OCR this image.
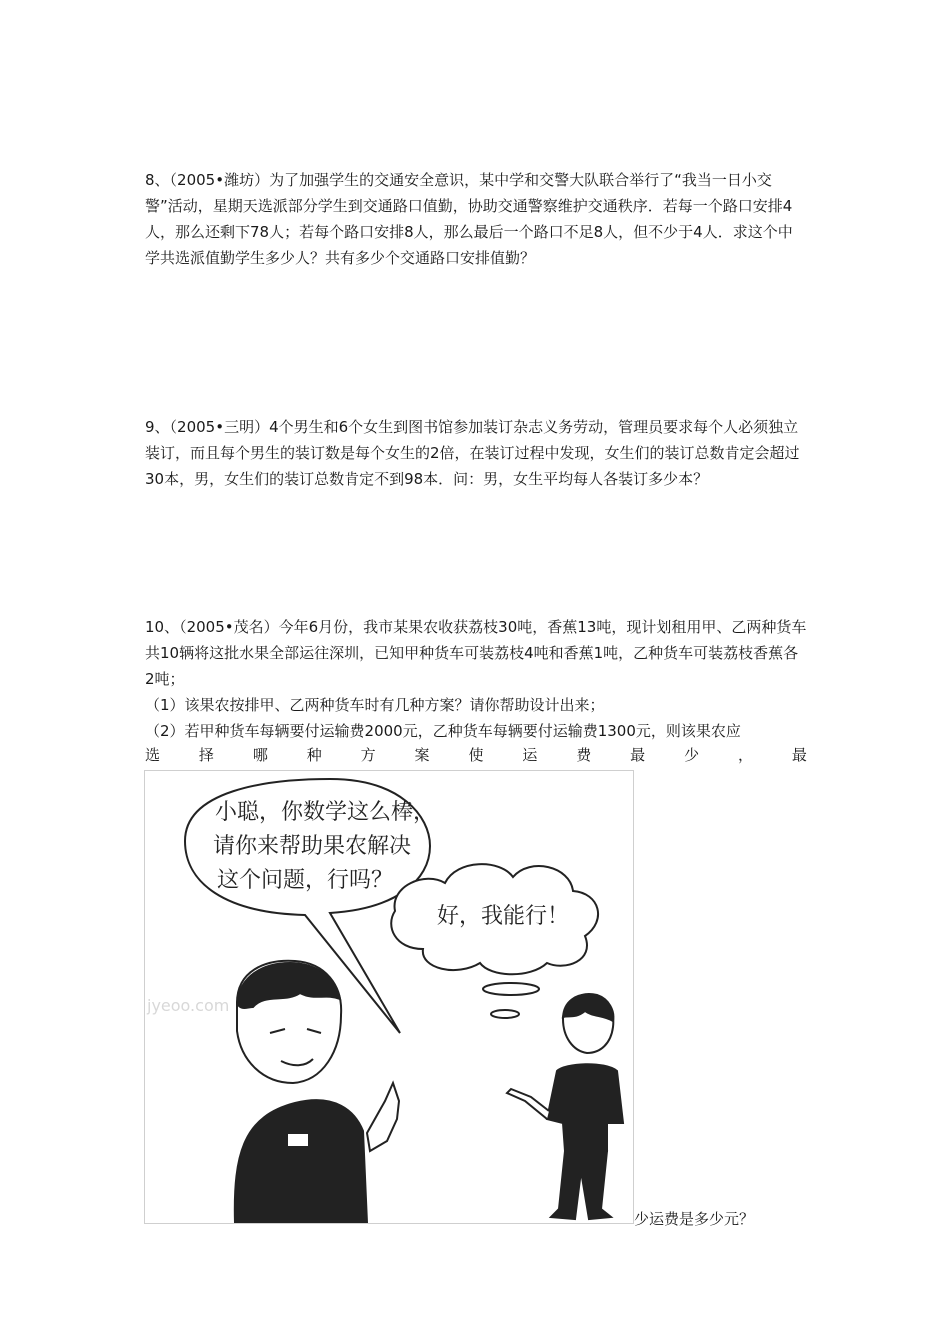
8、（2005•潍坊）为了加强学生的交通安全意识，某中学和交警大队联合举行了“我当一日小交警”活动，星期天选派部分学生到交通路口值勤，协助交通警察维护交通秩序．若每一个路口安排4人，那么还剩下78人；若每个路口安排8人，那么最后一个路口不足8人，但不少于4人．求这个中学共选派值勤学生多少人？共有多少个交通路口安排值勤？

9、（2005•三明）4个男生和6个女生到图书馆参加装订杂志义务劳动，管理员要求每个人必须独立装订，而且每个男生的装订数是每个女生的2倍，在装订过程中发现，女生们的装订总数肯定会超过30本，男，女生们的装订总数肯定不到98本．问：男，女生平均每人各装订多少本？

10、（2005•茂名）今年6月份，我市某果农收获荔枝30吨，香蕉13吨，现计划租用甲、乙两种货车共10辆将这批水果全部运往深圳，已知甲种货车可装荔枝4吨和香蕉1吨，乙种货车可装荔枝香蕉各2吨；

（1）该果农按排甲、乙两种货车时有几种方案？请你帮助设计出来；

（2）若甲种货车每辆要付运输费2000元，乙种货车每辆要付运输费1300元，则该果农应

选	择	哪	种	方	案	使	运	费	最	少	，	最
小聪，你数学这么棒，
请你来帮助果农解决
这个问题，行吗？
好，我能行！
jyeoo.com
少运费是多少元？
